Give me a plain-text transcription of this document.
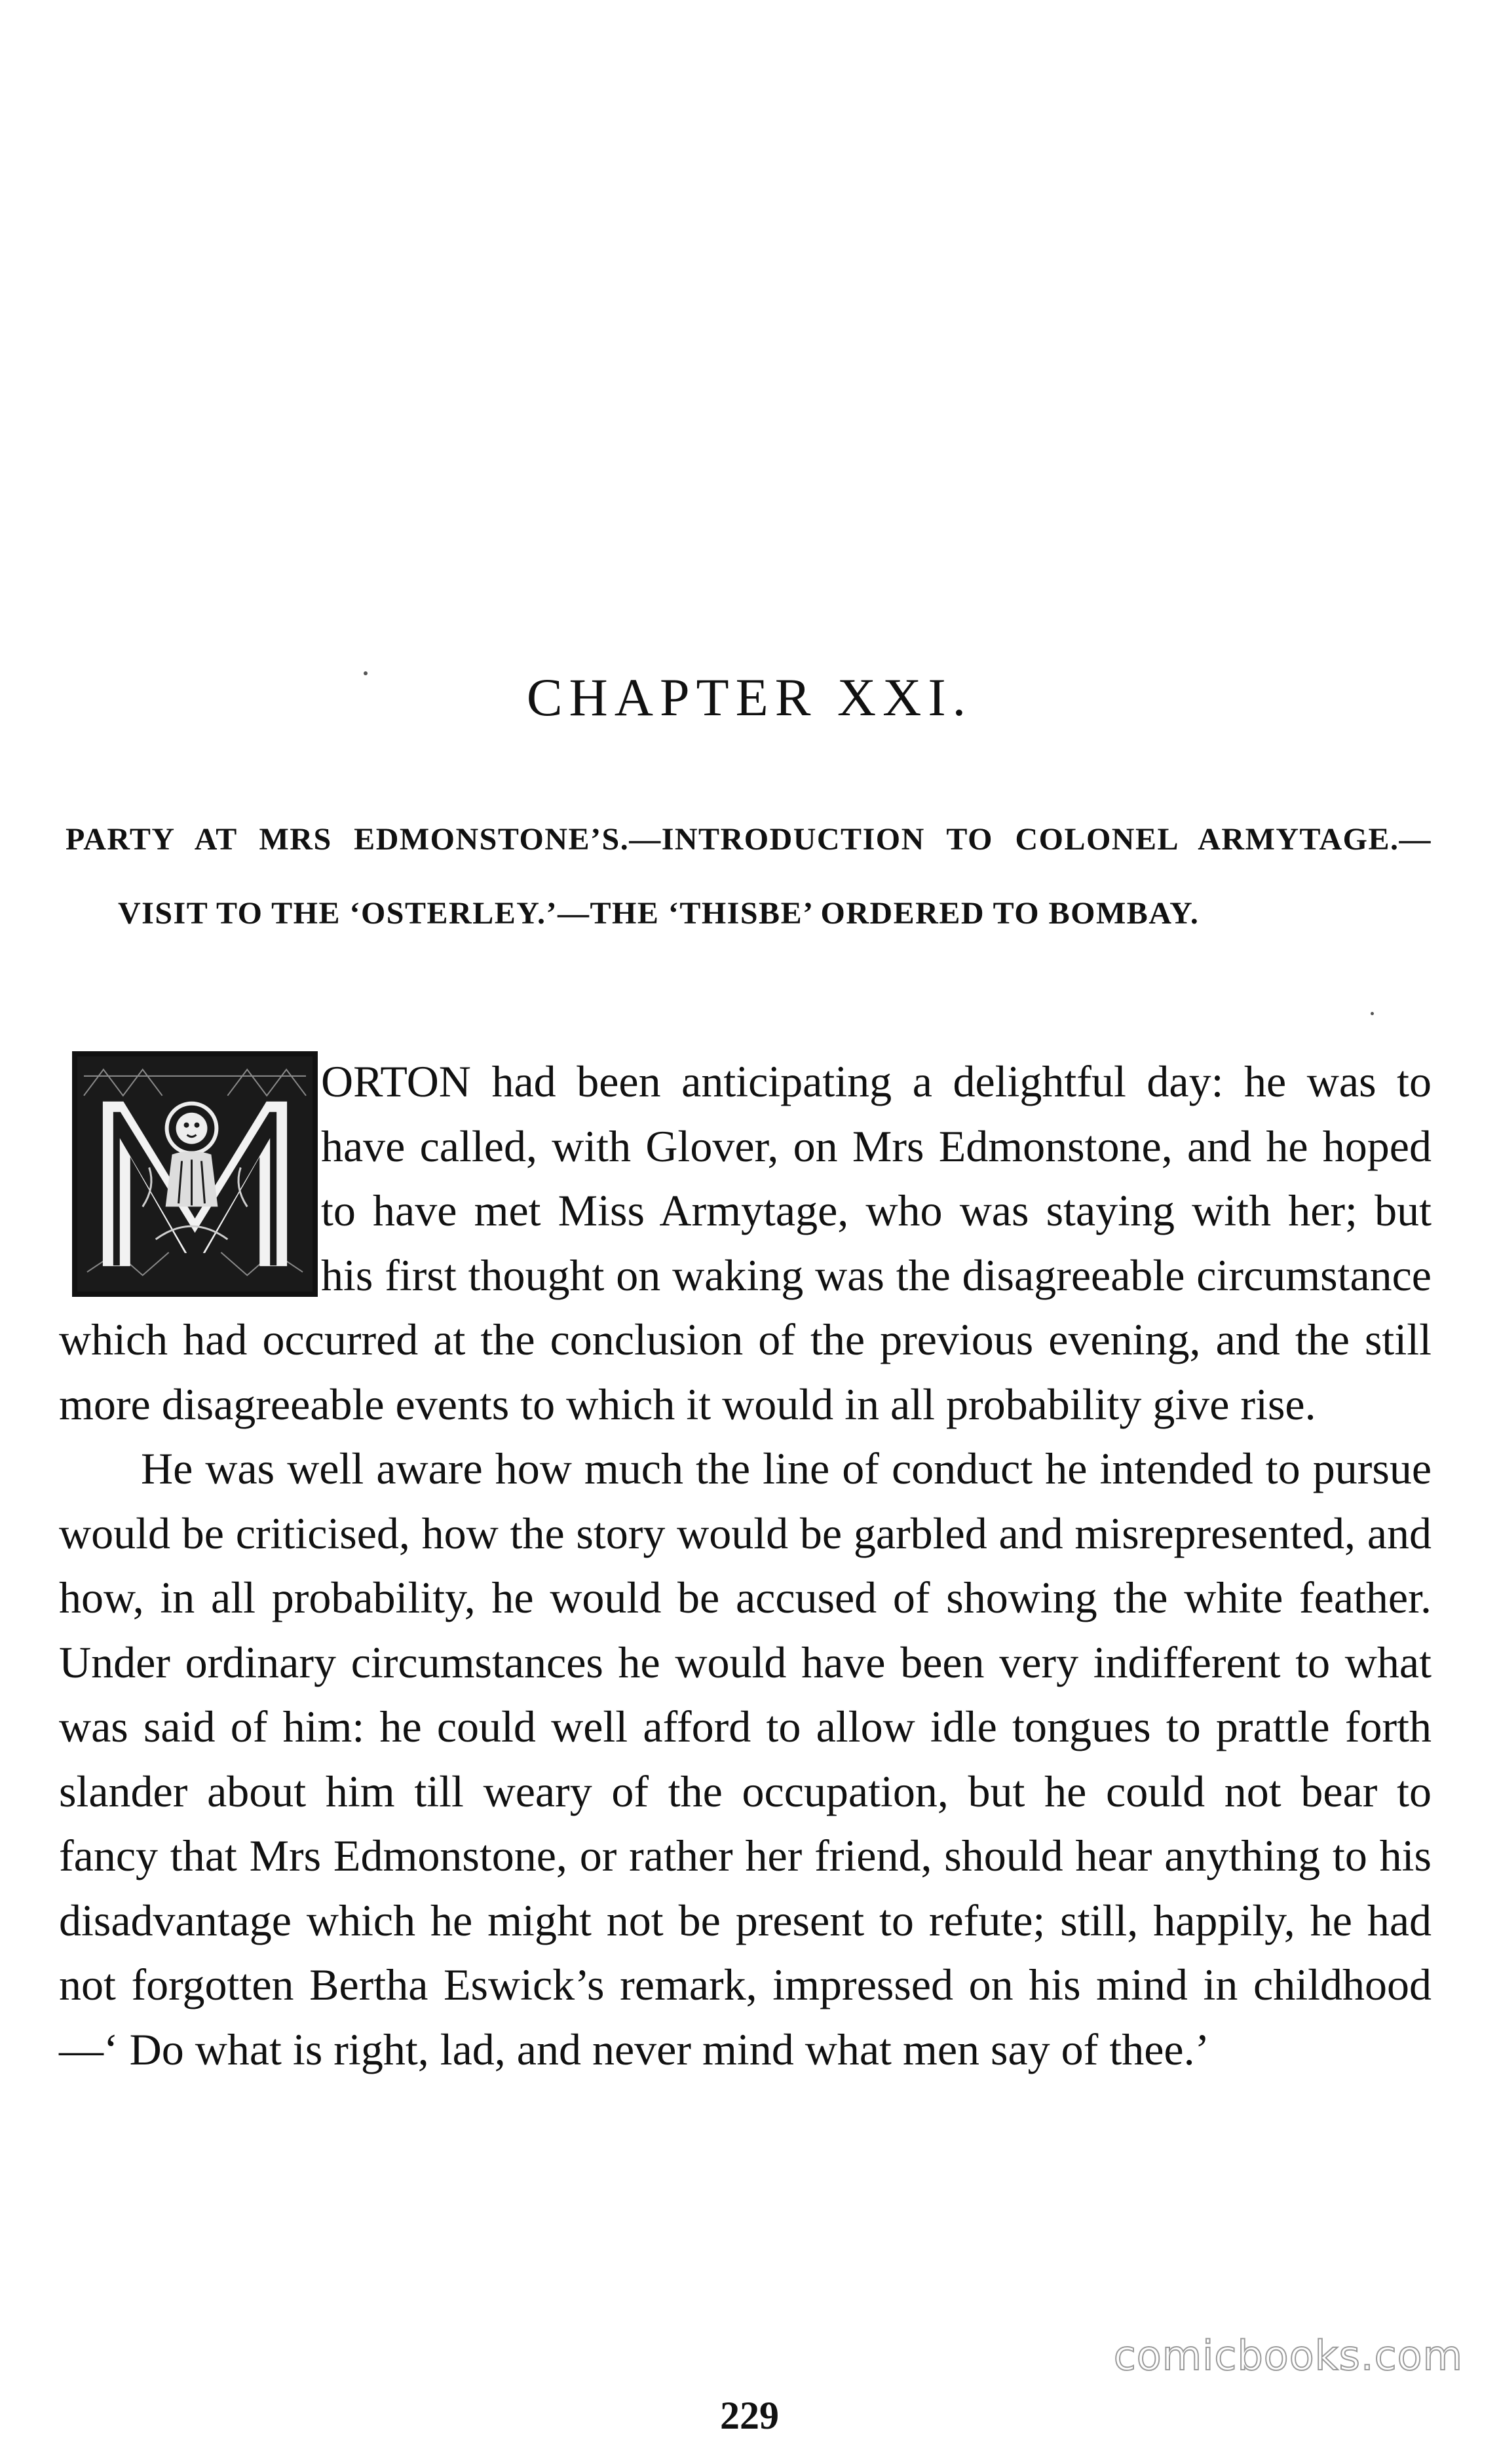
CHAPTER XXI.
PARTY AT MRS EDMONSTONE’S.—INTRODUCTION TO COLONEL ARMYTAGE.—VISIT TO THE ‘OSTERLEY.’—THE ‘THISBE’ ORDERED TO BOMBAY.

ORTON had been anticipating a delightful day: he was to have called, with Glover, on Mrs Edmonstone, and he hoped to have met Miss Armytage, who was staying with her; but his first thought on waking was the disagreeable circumstance which had occurred at the conclusion of the previous evening, and the still more disagreeable events to which it would in all probability give rise.

He was well aware how much the line of conduct he intended to pursue would be criticised, how the story would be garbled and misrepresented, and how, in all probability, he would be accused of showing the white feather. Under ordinary circumstances he would have been very indifferent to what was said of him: he could well afford to allow idle tongues to prattle forth slander about him till weary of the occupation, but he could not bear to fancy that Mrs Edmonstone, or rather her friend, should hear anything to his disadvantage which he might not be present to refute; still, happily, he had not forgotten Bertha Eswick’s remark, impressed on his mind in childhood—‘ Do what is right, lad, and never mind what men say of thee.’

comicbooks.com
229
